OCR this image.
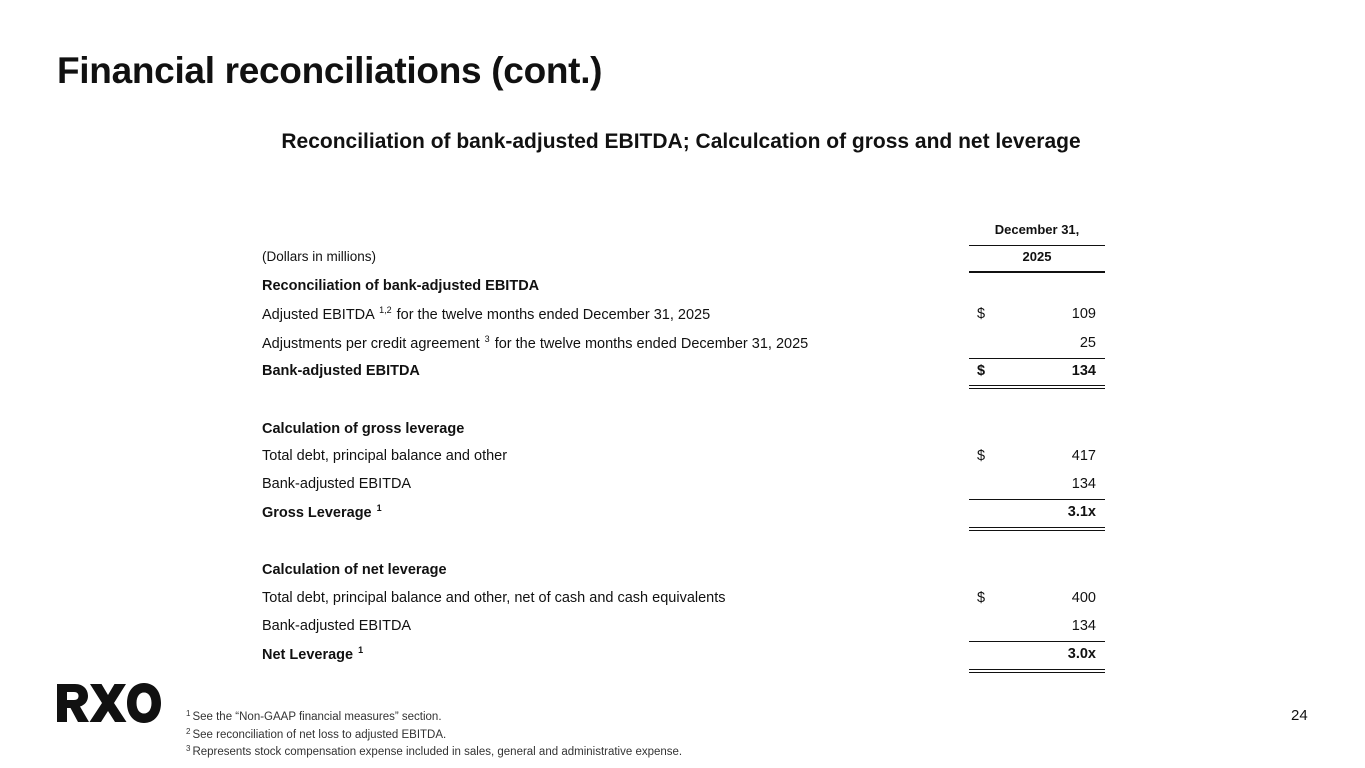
Financial reconciliations (cont.)
Reconciliation of bank-adjusted EBITDA; Calculcation of gross and net leverage
December 31,
(Dollars in millions)	2025
Reconciliation of bank-adjusted EBITDA
Adjusted EBITDA $^{1,2}$ for the twelve months ended December 31, 2025	$	109
Adjustments per credit agreement $^3$ for the twelve months ended December 31, 2025	25
Bank-adjusted EBITDA	$	134
Calculation of gross leverage
Total debt, principal balance and other	$	417
Bank-adjusted EBITDA	134
Gross Leverage $^1$	3.1x
Calculation of net leverage
Total debt, principal balance and other, net of cash and cash equivalents	$	400
Bank-adjusted EBITDA	134
Net Leverage $^1$	3.0x
$^1$ See the “Non-GAAP financial measures” section.
$^2$ See reconciliation of net loss to adjusted EBITDA.
$^3$ Represents stock compensation expense included in sales, general and administrative expense.
24
